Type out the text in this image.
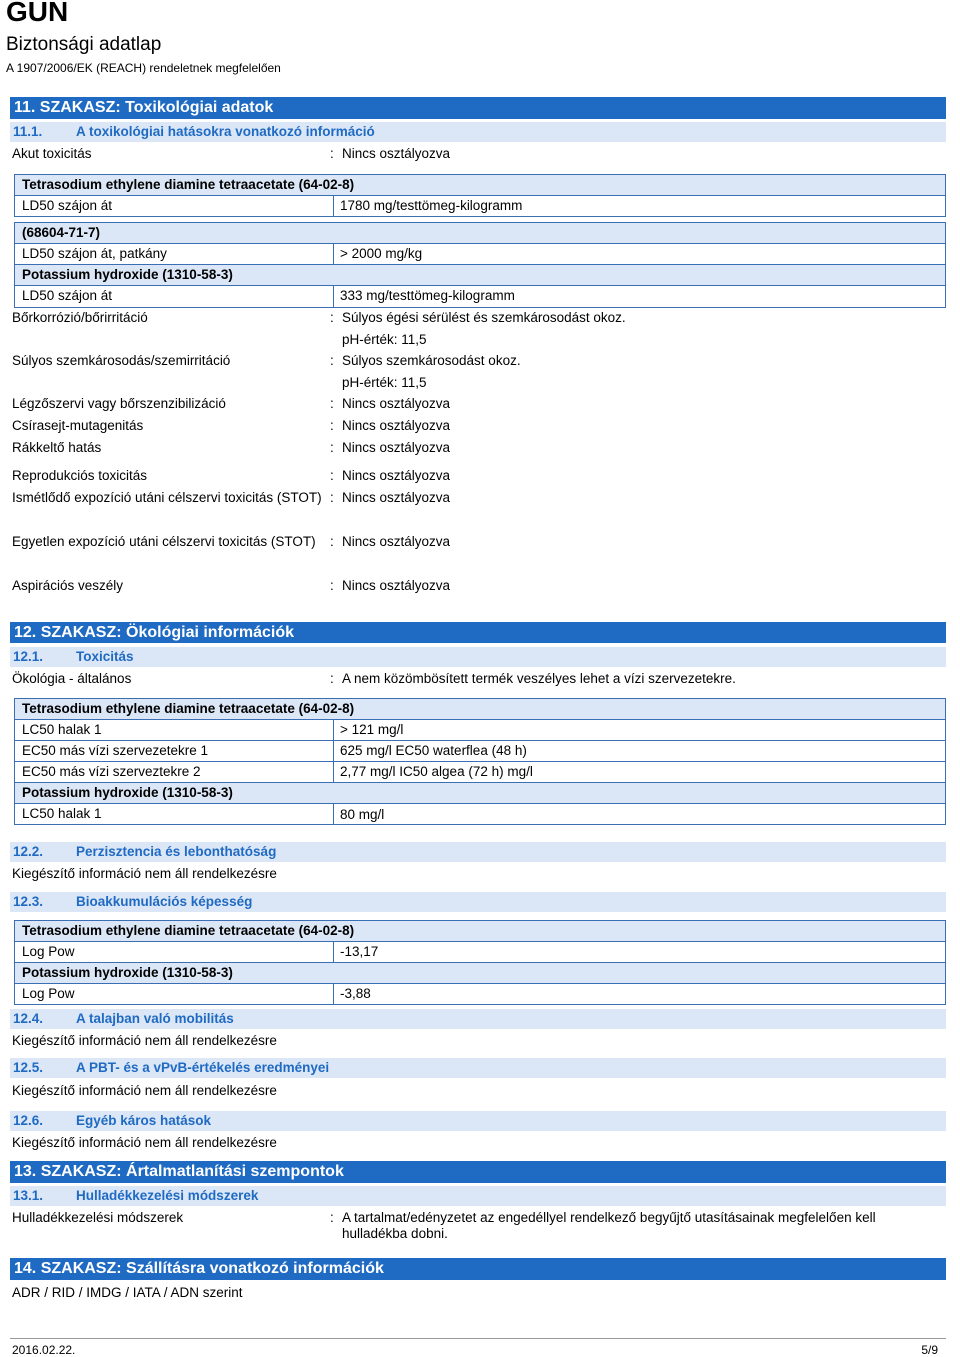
GUN
Biztonsági adatlap
A 1907/2006/EK (REACH) rendeletnek megfelelően
11. SZAKASZ: Toxikológiai adatok
11.1. A toxikológiai hatásokra vonatkozó információ
Akut toxicitás	: Nincs osztályozva
Tetrasodium ethylene diamine tetraacetate (64-02-8)
LD50 szájon át	1780 mg/testtömeg-kilogramm
(68604-71-7)
LD50 szájon át, patkány	> 2000 mg/kg
Potassium hydroxide (1310-58-3)
LD50 szájon át	333 mg/testtömeg-kilogramm
Bőrkorrózió/bőrirritáció	: Súlyos égési sérülést és szemkárosodást okoz.
pH-érték: 11,5
Súlyos szemkárosodás/szemirritáció	: Súlyos szemkárosodást okoz.
pH-érték: 11,5
Légzőszervi vagy bőrszenzibilizáció	: Nincs osztályozva
Csírasejt-mutagenitás	: Nincs osztályozva
Rákkeltő hatás	: Nincs osztályozva
Reprodukciós toxicitás	: Nincs osztályozva
Ismétlődő expozíció utáni célszervi toxicitás (STOT) : Nincs osztályozva
Egyetlen expozíció utáni célszervi toxicitás (STOT)	: Nincs osztályozva
Aspirációs veszély	: Nincs osztályozva
12. SZAKASZ: Ökológiai információk
12.1. Toxicitás
Ökológia - általános	: A nem közömbösített termék veszélyes lehet a vízi szervezetekre.
Tetrasodium ethylene diamine tetraacetate (64-02-8)
LC50 halak 1	> 121 mg/l
EC50 más vízi szervezetekre 1	625 mg/l EC50 waterflea (48 h)
EC50 más vízi szerveztekre 2	2,77 mg/l IC50 algea (72 h) mg/l
Potassium hydroxide (1310-58-3)
LC50 halak 1	80 mg/l
12.2. Perzisztencia és lebonthatóság
Kiegészítő információ nem áll rendelkezésre
12.3. Bioakkumulációs képesség
Tetrasodium ethylene diamine tetraacetate (64-02-8)
Log Pow	-13,17
Potassium hydroxide (1310-58-3)
Log Pow	-3,88
12.4. A talajban való mobilitás
Kiegészítő információ nem áll rendelkezésre
12.5. A PBT- és a vPvB-értékelés eredményei
Kiegészítő információ nem áll rendelkezésre
12.6. Egyéb káros hatások
Kiegészítő információ nem áll rendelkezésre
13. SZAKASZ: Ártalmatlanítási szempontok
13.1. Hulladékkezelési módszerek
Hulladékkezelési módszerek	: A tartalmat/edényzetet az engedéllyel rendelkező begyűjtő utasításainak megfelelően kell hulladékba dobni.
14. SZAKASZ: Szállításra vonatkozó információk
ADR / RID / IMDG / IATA / ADN szerint
2016.02.22.	5/9
